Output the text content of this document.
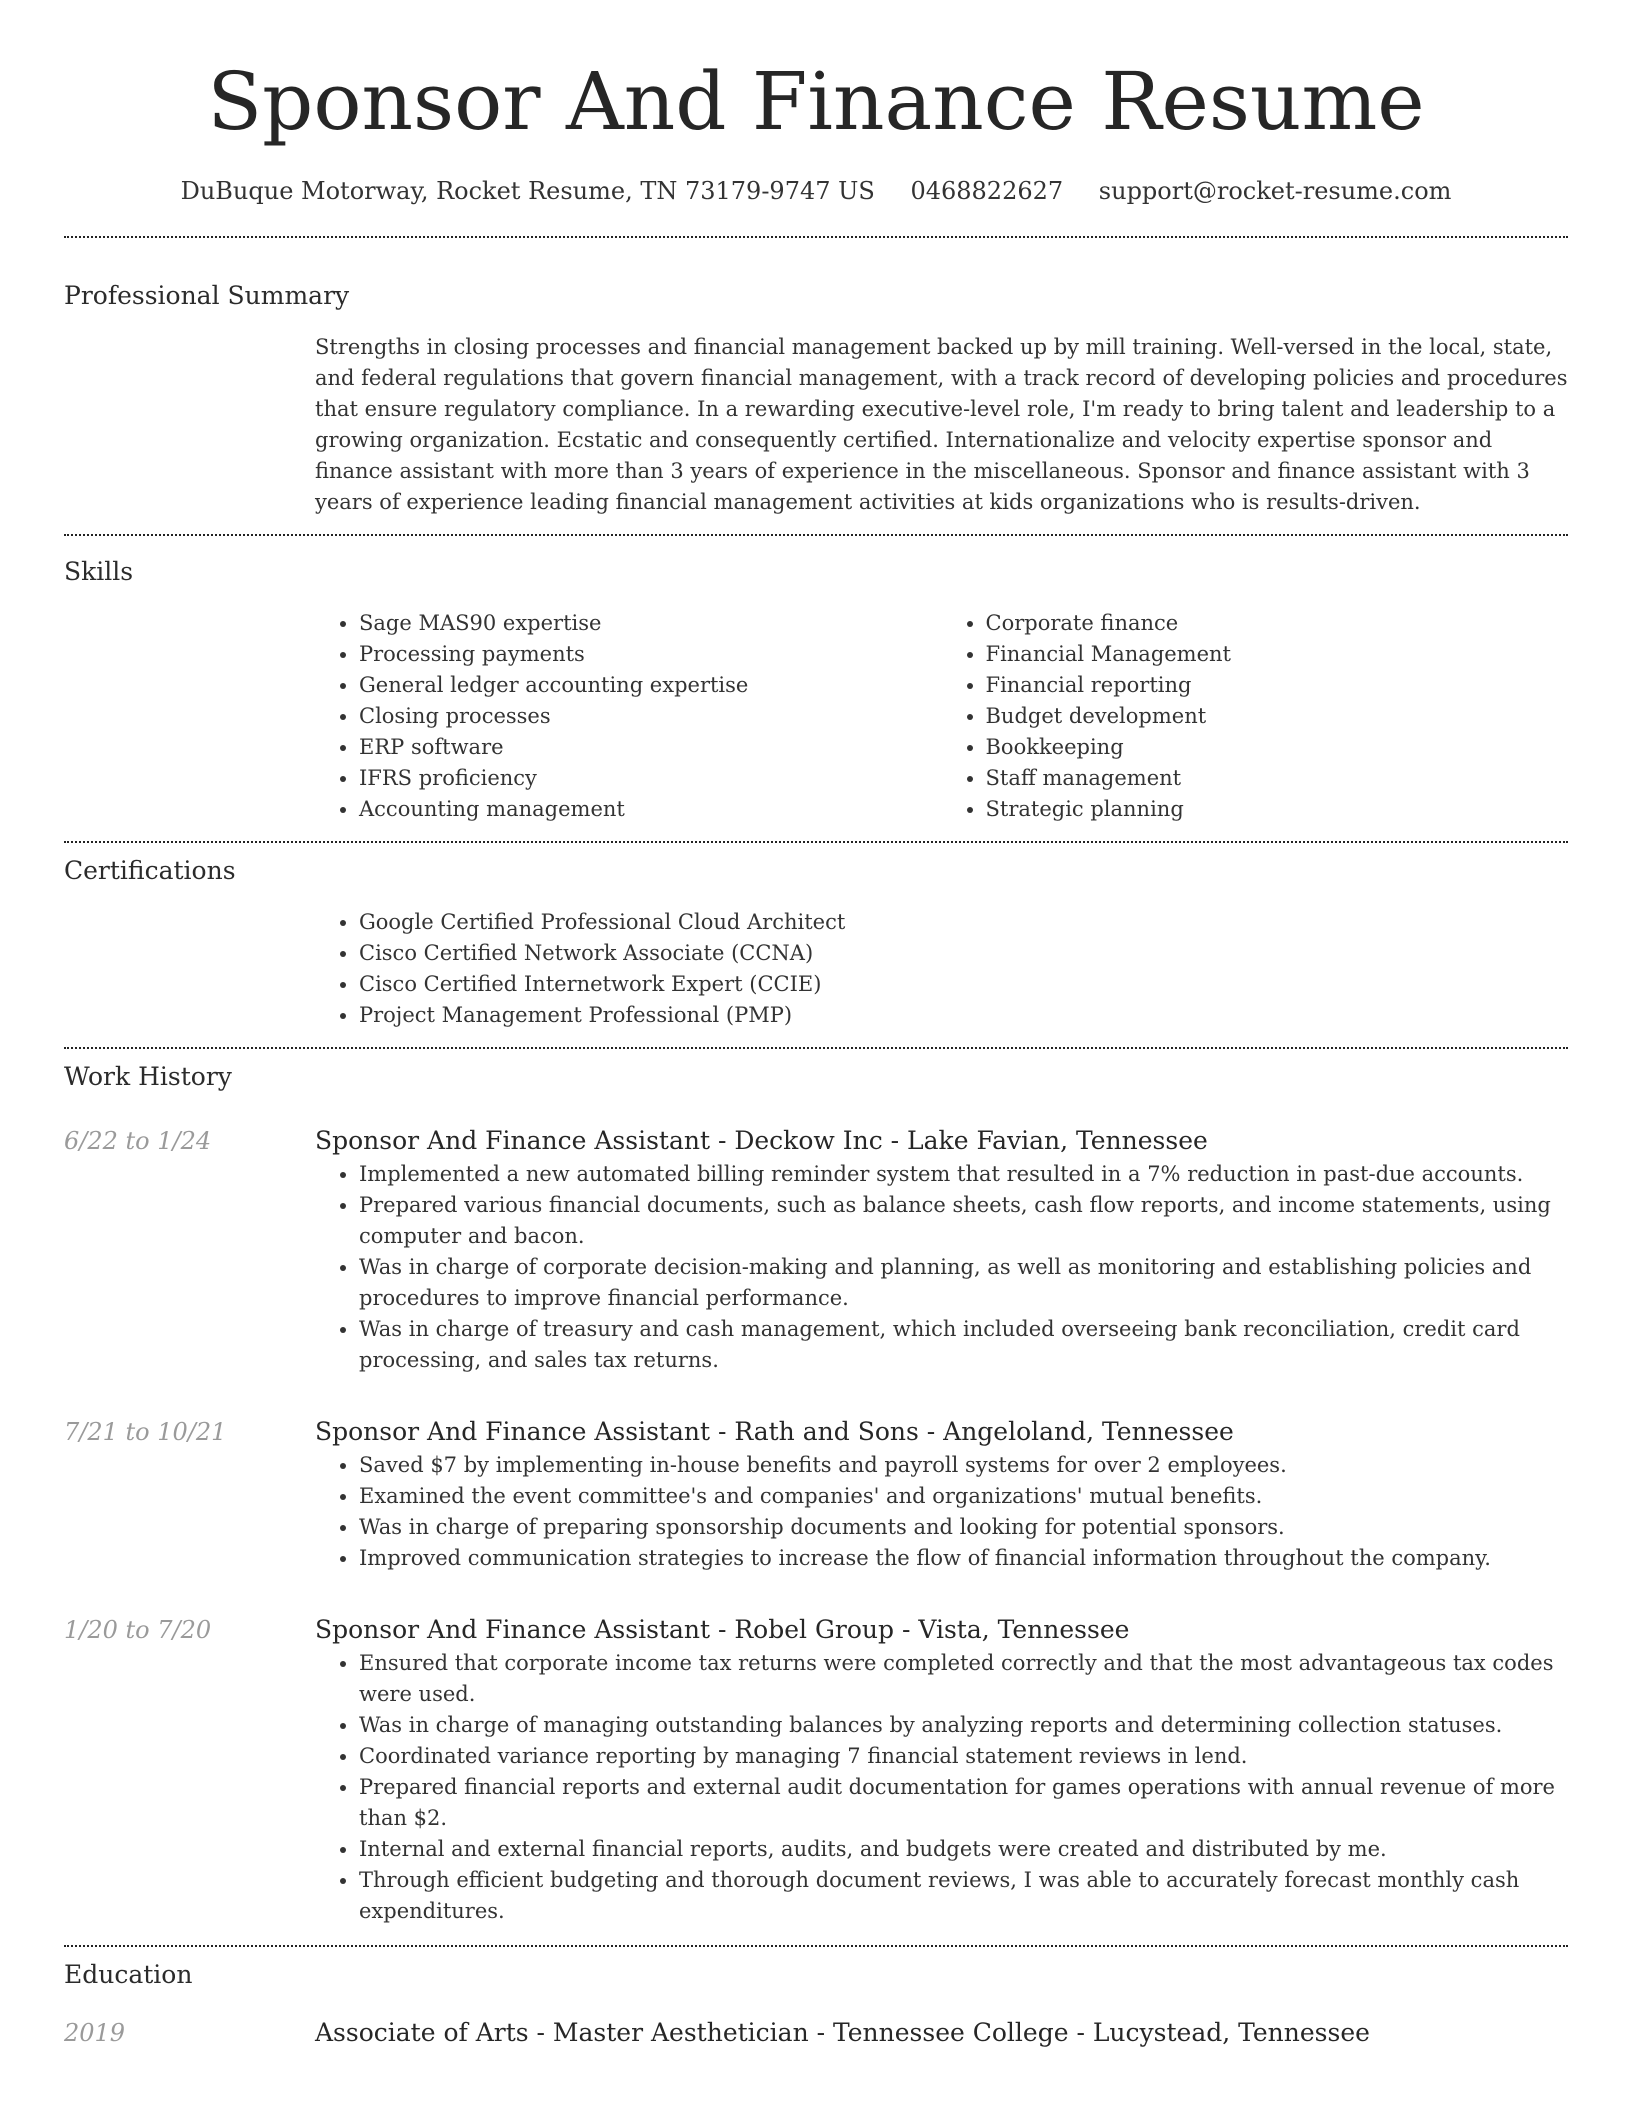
Sponsor And Finance Resume
DuBuque Motorway, Rocket Resume, TN 73179-9747 US 0468822627 support@rocket-resume.com
Professional Summary

Strengths in closing processes and financial management backed up by mill training. Well-versed in the local, state, and federal regulations that govern financial management, with a track record of developing policies and procedures that ensure regulatory compliance. In a rewarding executive-level role, I'm ready to bring talent and leadership to a growing organization. Ecstatic and consequently certified. Internationalize and velocity expertise sponsor and finance assistant with more than 3 years of experience in the miscellaneous. Sponsor and finance assistant with 3 years of experience leading financial management activities at kids organizations who is results-driven.

Skills
• Sage MAS90 expertise
• Processing payments
• General ledger accounting expertise
• Closing processes
• ERP software
• IFRS proficiency
• Accounting management
• Corporate finance
• Financial Management
• Financial reporting
• Budget development
• Bookkeeping
• Staff management
• Strategic planning
Certifications
• Google Certified Professional Cloud Architect
• Cisco Certified Network Associate (CCNA)
• Cisco Certified Internetwork Expert (CCIE)
• Project Management Professional (PMP)
Work History
6/22 to 1/24	Sponsor And Finance Assistant - Deckow Inc - Lake Favian, Tennessee
• Implemented a new automated billing reminder system that resulted in a 7% reduction in past-due accounts.
• Prepared various financial documents, such as balance sheets, cash flow reports, and income statements, using computer and bacon.
• Was in charge of corporate decision-making and planning, as well as monitoring and establishing policies and procedures to improve financial performance.
• Was in charge of treasury and cash management, which included overseeing bank reconciliation, credit card processing, and sales tax returns.
7/21 to 10/21	Sponsor And Finance Assistant - Rath and Sons - Angeloland, Tennessee
• Saved $7 by implementing in-house benefits and payroll systems for over 2 employees.
• Examined the event committee's and companies' and organizations' mutual benefits.
• Was in charge of preparing sponsorship documents and looking for potential sponsors.
• Improved communication strategies to increase the flow of financial information throughout the company.
1/20 to 7/20	Sponsor And Finance Assistant - Robel Group - Vista, Tennessee
• Ensured that corporate income tax returns were completed correctly and that the most advantageous tax codes were used.
• Was in charge of managing outstanding balances by analyzing reports and determining collection statuses.
• Coordinated variance reporting by managing 7 financial statement reviews in lend.
• Prepared financial reports and external audit documentation for games operations with annual revenue of more than $2.
• Internal and external financial reports, audits, and budgets were created and distributed by me.
• Through efficient budgeting and thorough document reviews, I was able to accurately forecast monthly cash expenditures.
Education
2019	Associate of Arts - Master Aesthetician - Tennessee College - Lucystead, Tennessee
